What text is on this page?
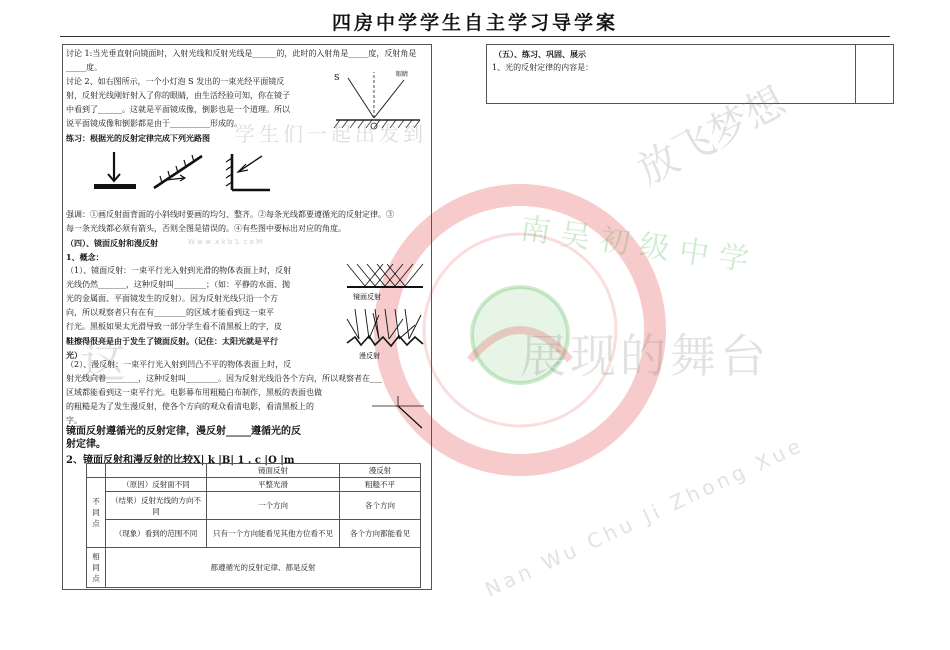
四房中学学生自主学习导学案
南吴初级中学
Nan Wu Chu Ji Zhong Xue
放飞梦想
展现的舞台
这
学生们一起出发到
W w w .x k b 1. c o M
讨论 1:当光垂直射向镜面时，入射光线和反射光线是______的，此时的入射角是_____度，反射角是_____度。
讨论 2、如右图所示，一个小灯泡 S 发出的一束光经平面镜反
射，反射光线刚好射入了你的眼睛，由生活经验可知，你在镜子
中看到了______。这就是平面镜成像，倒影也是一个道理。所以
说平面镜成像和倒影都是由于__________形成的。
S	眼睛
练习：根据光的反射定律完成下列光路图
强调：①画反射面背面的小斜线时要画的均匀、整齐。②每条光线都要遵循光的反射定律。③
每一条光线都必须有箭头，否则全图是错误的。④有些图中要标出对应的角度。
（四）、镜面反射和漫反射
1、概念：
（1）、镜面反射：一束平行光入射到光滑的物体表面上时，反射
光线仍然_______，这种反射叫________；（如：平静的水面、抛
光的金属面、平面镜发生的反射）。因为反射光线只沿一个方
向，所以观察者只有在有________的区域才能看到这一束平
行光。黑板如果太光滑导致一部分学生看不清黑板上的字，皮
鞋擦得很亮是由于发生了镜面反射。（记住：太阳光就是平行
光）
镜面反射
漫反射
（2）、漫反射：一束平行光入射到凹凸不平的物体表面上时，反
射光线向着________，这种反射叫________。因为反射光线沿各个方向，所以观察者在___
区域都能看到这一束平行光。电影幕布用粗糙白布制作，黑板的表面也做
的粗糙是为了发生漫反射，使各个方向的观众看清电影，看清黑板上的
字。
镜面反射遵循光的反射定律，漫反射_____遵循光的反
射定律。
2、镜面反射和漫反射的比较X| k |B| 1 . c |O |m
		镜面反射	漫反射
不同点	（原因）反射面不同	平整光滑	粗糙不平
	（结果）反射光线的方向不同	一个方向	各个方向
	（现象）看到的范围不同	只有一个方向能看见其他方位看不见	各个方向都能看见
相同点	都遵循光的反射定律、都是反射		
（五）、练习、巩固、展示
1、光的反射定律的内容是：
